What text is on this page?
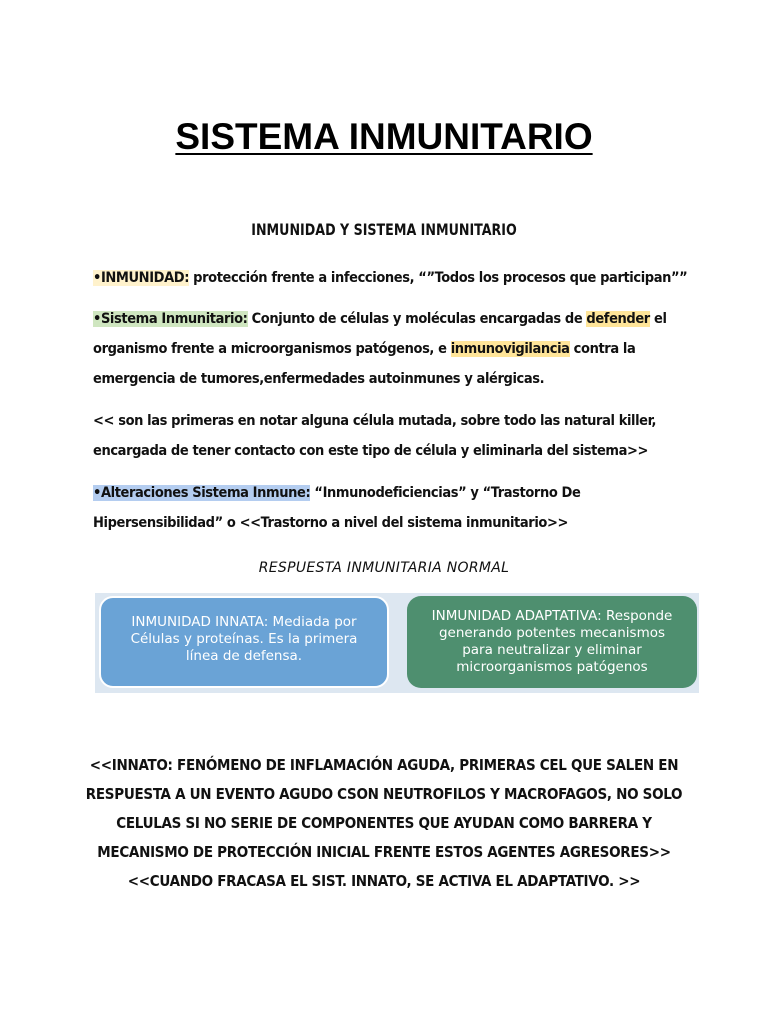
SISTEMA INMUNITARIO
INMUNIDAD Y SISTEMA INMUNITARIO

•INMUNIDAD: protección frente a infecciones, “”Todos los procesos que participan””

•Sistema Inmunitario: Conjunto de células y moléculas encargadas de defender el organismo frente a microorganismos patógenos, e inmunovigilancia contra la emergencia de tumores,enfermedades autoinmunes y alérgicas.

<< son las primeras en notar alguna célula mutada, sobre todo las natural killer, encargada de tener contacto con este tipo de célula y eliminarla del sistema>>

•Alteraciones Sistema Inmune: “Inmunodeficiencias” y “Trastorno De Hipersensibilidad” o <<Trastorno a nivel del sistema inmunitario>>

RESPUESTA INMUNITARIA NORMAL

INMUNIDAD INNATA: Mediada por
Células y proteínas. Es la primera
línea de defensa.
INMUNIDAD ADAPTATIVA: Responde
generando potentes mecanismos
para neutralizar y eliminar
microorganismos patógenos

<<INNATO: FENÓMENO DE INFLAMACIÓN AGUDA, PRIMERAS CEL QUE SALEN EN
RESPUESTA A UN EVENTO AGUDO CSON NEUTROFILOS Y MACROFAGOS, NO SOLO
CELULAS SI NO SERIE DE COMPONENTES QUE AYUDAN COMO BARRERA Y
MECANISMO DE PROTECCIÓN INICIAL FRENTE ESTOS AGENTES AGRESORES>>
<<CUANDO FRACASA EL SIST. INNATO, SE ACTIVA EL ADAPTATIVO. >>
